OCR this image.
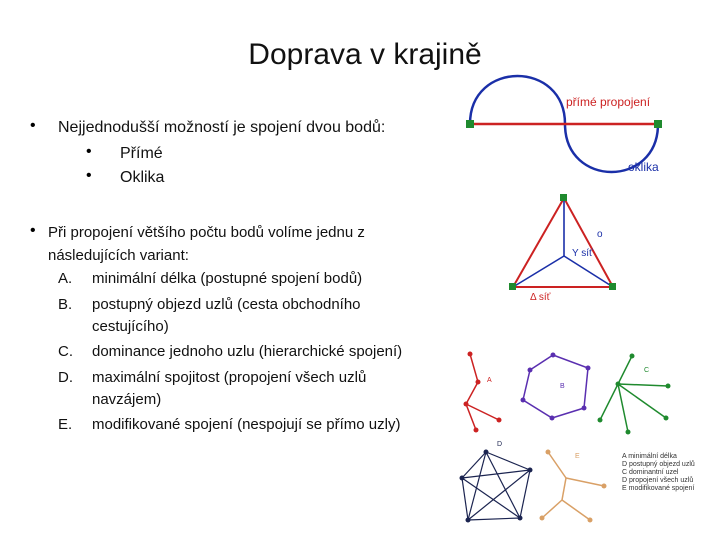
Doprava v krajině
• Nejjednodušší možností je spojení dvou bodů:
• Přímé
• Oklika
• Při propojení většího počtu bodů volíme jednu z
následujících variant:
A. minimální délka (postupné spojení bodů)
B. postupný objezd uzlů (cesta obchodního
cestujícího)
C. dominance jednoho uzlu (hierarchické spojení)
D. maximální spojitost (propojení všech uzlů
navzájem)
E. modifikované spojení (nespojují se přímo uzly)
přímé propojení
oklika
o
Y síť
Δ síť
A
B
C
D
E	A minimální délka
D postupný objezd uzlů
C dominantní uzel
D propojení všech uzlů
E modifikované spojení
